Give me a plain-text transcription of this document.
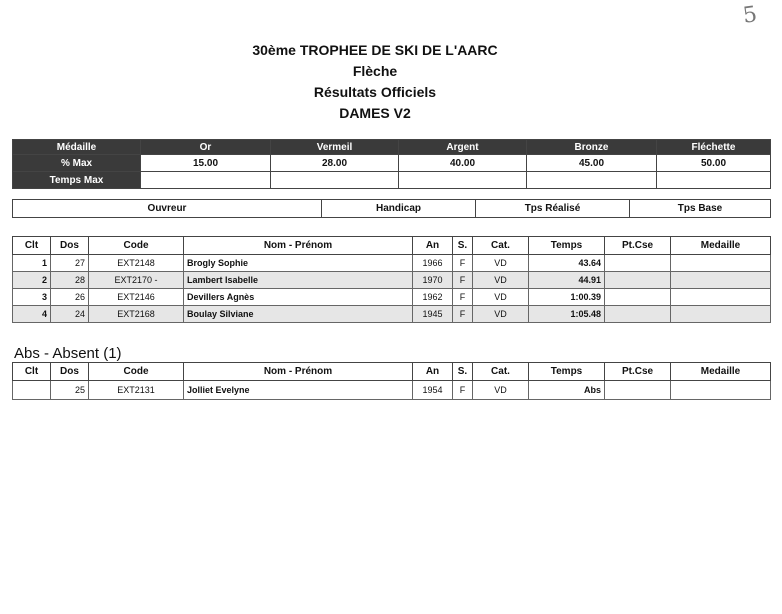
5
30ème TROPHEE DE SKI DE L'AARC
Flèche
Résultats Officiels
DAMES V2
Médaille	Or	Vermeil	Argent	Bronze	Fléchette
% Max	15.00	28.00	40.00	45.00	50.00
Temps Max					
Ouvreur	Handicap	Tps Réalisé	Tps Base
Clt	Dos	Code	Nom - Prénom	An	S.	Cat.	Temps	Pt.Cse	Medaille
1	27	EXT2148	Brogly Sophie	1966	F	VD	43.64		
2	28	EXT2170 -	Lambert Isabelle	1970	F	VD	44.91		
3	26	EXT2146	Devillers Agnès	1962	F	VD	1:00.39		
4	24	EXT2168	Boulay Silviane	1945	F	VD	1:05.48		
Abs - Absent (1)
Clt	Dos	Code	Nom - Prénom	An	S.	Cat.	Temps	Pt.Cse	Medaille
	25	EXT2131	Jolliet Evelyne	1954	F	VD	Abs		
